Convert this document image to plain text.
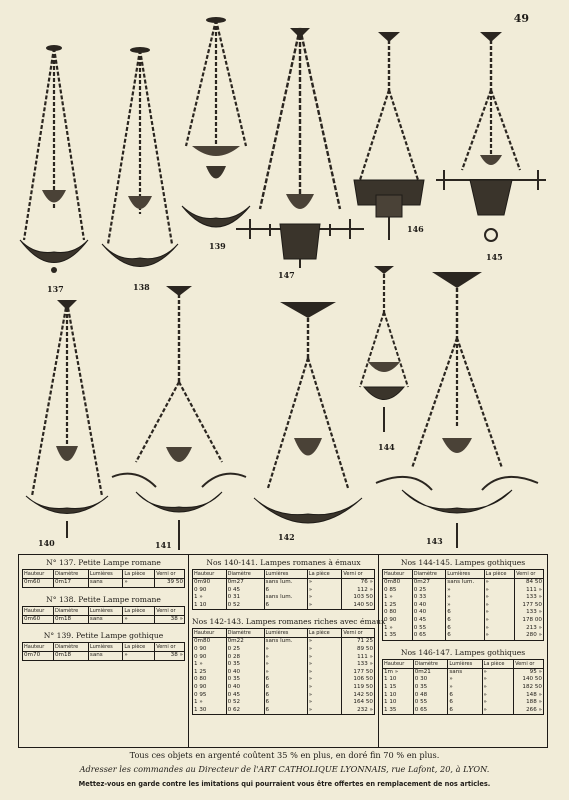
49
137	138
139
147
146
145
140	141
142
144
143
N° 137. Petite Lampe romane
Hauteur	Diamètre	Lumières	La pièce	Verni or
0m60	0m17	sans	»	39 50
N° 138. Petite Lampe romane
Hauteur	Diamètre	Lumières	La pièce	Verni or
0m60	0m18	sans	»	38 »
N° 139. Petite Lampe gothique
Hauteur	Diamètre	Lumières	La pièce	Verni or
0m70	0m18	sans	»	38 »
Nos 140-141. Lampes romanes à émaux
Hauteur	Diamètre	Lumières	La pièce	Verni or
0m90	0m27	sans lum.	»	76 »
0 90	0 45	6	»	112 »
1 »	0 31	sans lum.	»	103 50
1 10	0 52	6	»	140 50
Nos 142-143. Lampes romanes riches avec émaux
Hauteur	Diamètre	Lumières	La pièce	Verni or
0m80	0m22	sans lum.	»	71 25
0 90	0 25	»	»	89 50
0 90	0 28	»	»	111 »
1 »	0 35	»	»	133 »
1 25	0 40	»	»	177 50
0 80	0 35	6	»	106 50
0 90	0 40	6	»	119 50
0 95	0 45	6	»	142 50
1 »	0 52	6	»	164 50
1 30	0 62	6	»	232 »
Nos 144-145. Lampes gothiques
Hauteur	Diamètre	Lumières	La pièce	Verni or
0m80	0m27	sans lum.	»	84 50
0 85	0 25	»	»	111 »
1 »	0 33	»	»	133 »
1 25	0 40	»	»	177 50
0 80	0 40	6	»	133 »
0 90	0 45	6	»	178 00
1 »	0 55	6	»	213 »
1 35	0 65	6	»	280 »
Nos 146-147. Lampes gothiques
Hauteur	Diamètre	Lumières	La pièce	Verni or
1m »	0m21	sans	»	95 »
1 10	0 30	»	»	140 50
1 15	0 35	»	»	182 50
1 10	0 48	6	»	148 »
1 10	0 55	6	»	188 »
1 35	0 65	6	»	266 »
Tous ces objets en argenté coûtent 35 % en plus, en doré fin 70 % en plus.
Adresser les commandes au Directeur de l'ART CATHOLIQUE LYONNAIS, rue Lafont, 20, à LYON.
Mettez-vous en garde contre les imitations qui pourraient vous être offertes en remplacement de nos articles.
